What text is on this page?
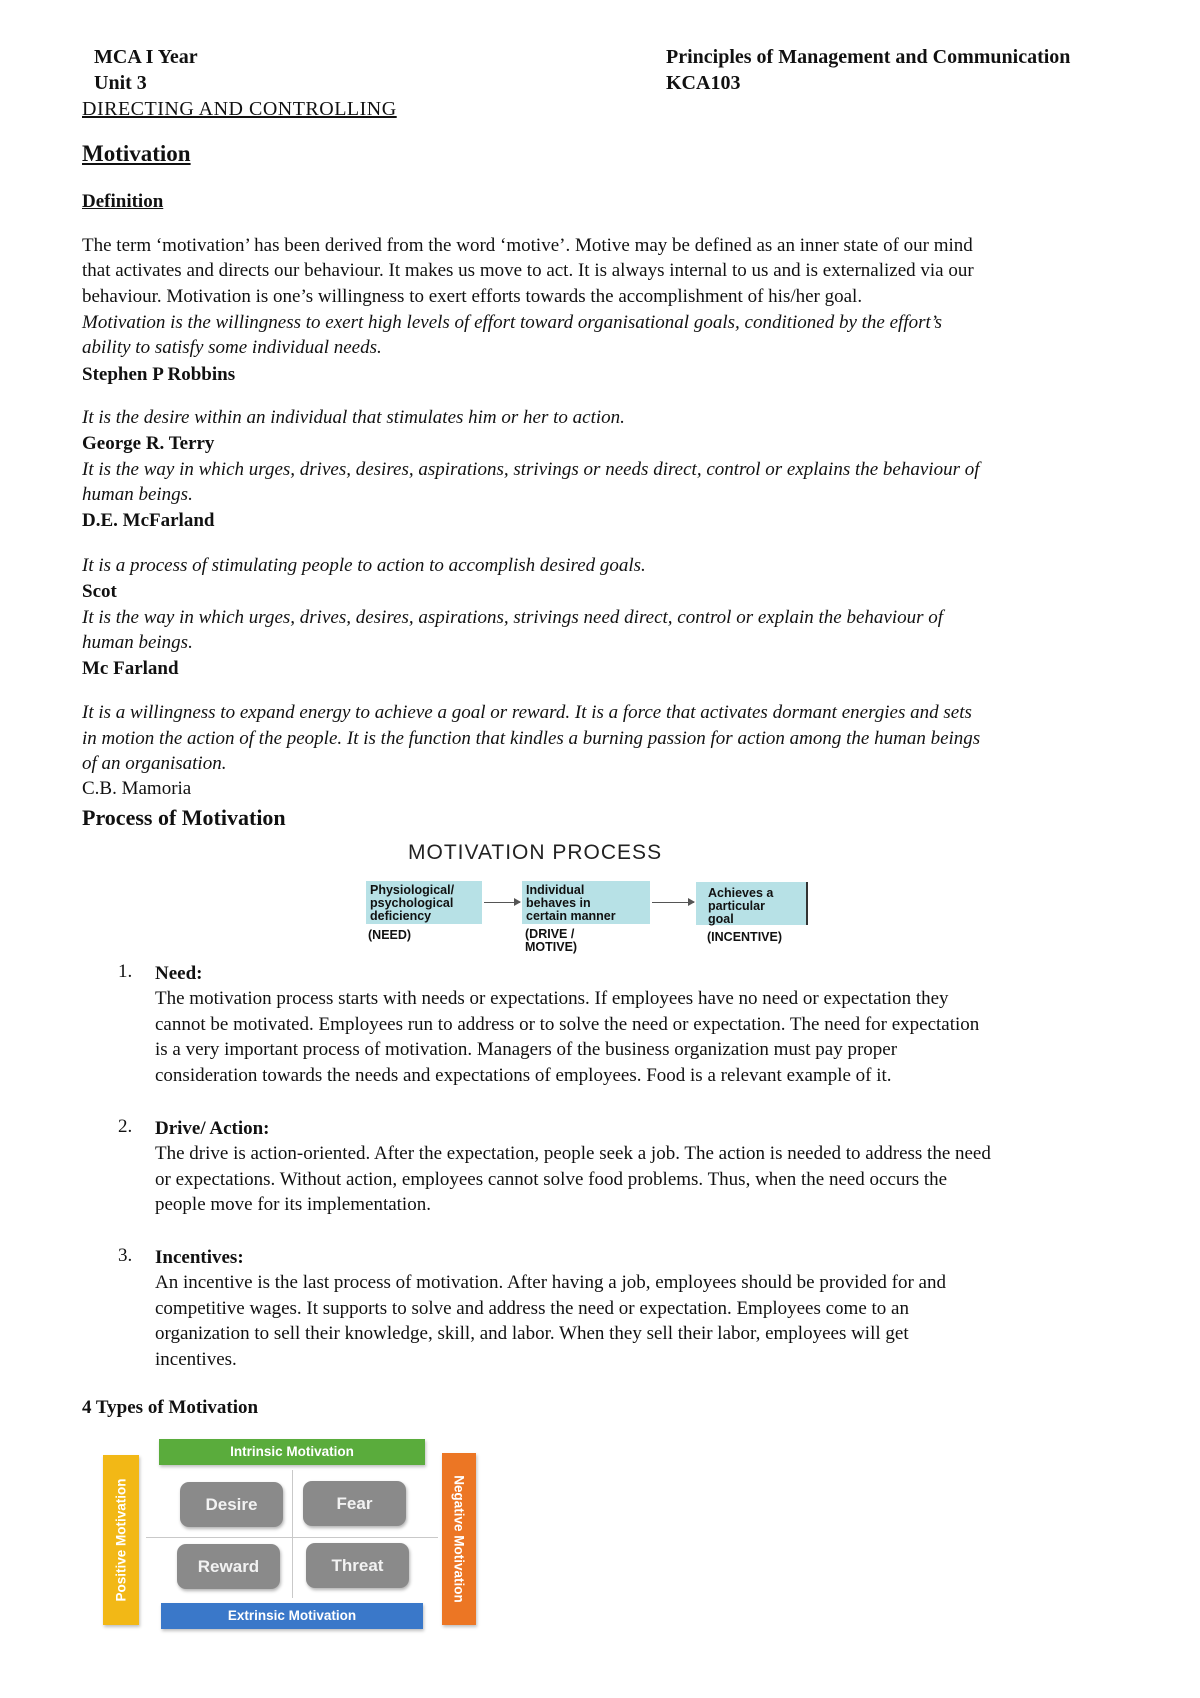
MCA I Year
Unit 3
DIRECTING AND CONTROLLING
Principles of Management and Communication
KCA103
Motivation
Definition
The term ‘motivation’ has been derived from the word ‘motive’. Motive may be defined as an inner state of our mind
that activates and directs our behaviour. It makes us move to act. It is always internal to us and is externalized via our
behaviour. Motivation is one’s willingness to exert efforts towards the accomplishment of his/her goal.
Motivation is the willingness to exert high levels of effort toward organisational goals, conditioned by the effort’s
ability to satisfy some individual needs.
Stephen P Robbins
It is the desire within an individual that stimulates him or her to action.
George R. Terry
It is the way in which urges, drives, desires, aspirations, strivings or needs direct, control or explains the behaviour of
human beings.
D.E. McFarland
It is a process of stimulating people to action to accomplish desired goals.
Scot
It is the way in which urges, drives, desires, aspirations, strivings need direct, control or explain the behaviour of
human beings.
Mc Farland
It is a willingness to expand energy to achieve a goal or reward. It is a force that activates dormant energies and sets
in motion the action of the people. It is the function that kindles a burning passion for action among the human beings
of an organisation.
C.B. Mamoria
Process of Motivation
MOTIVATION PROCESS
Physiological/
psychological
deficiency
(NEED)
Individual
behaves in
certain manner
(DRIVE /
MOTIVE)
Achieves a
particular
goal
(INCENTIVE)
1.	Need:
The motivation process starts with needs or expectations. If employees have no need or expectation they
cannot be motivated. Employees run to address or to solve the need or expectation. The need for expectation
is a very important process of motivation. Managers of the business organization must pay proper
consideration towards the needs and expectations of employees. Food is a relevant example of it.
2.	Drive/ Action:
The drive is action-oriented. After the expectation, people seek a job. The action is needed to address the need
or expectations. Without action, employees cannot solve food problems. Thus, when the need occurs the
people move for its implementation.
3.	Incentives:
An incentive is the last process of motivation. After having a job, employees should be provided for and
competitive wages. It supports to solve and address the need or expectation. Employees come to an
organization to sell their knowledge, skill, and labor. When they sell their labor, employees will get
incentives.
4 Types of Motivation
Intrinsic Motivation
Extrinsic Motivation
Positive Motivation	Negative Motivation
Desire	Fear
Reward	Threat
